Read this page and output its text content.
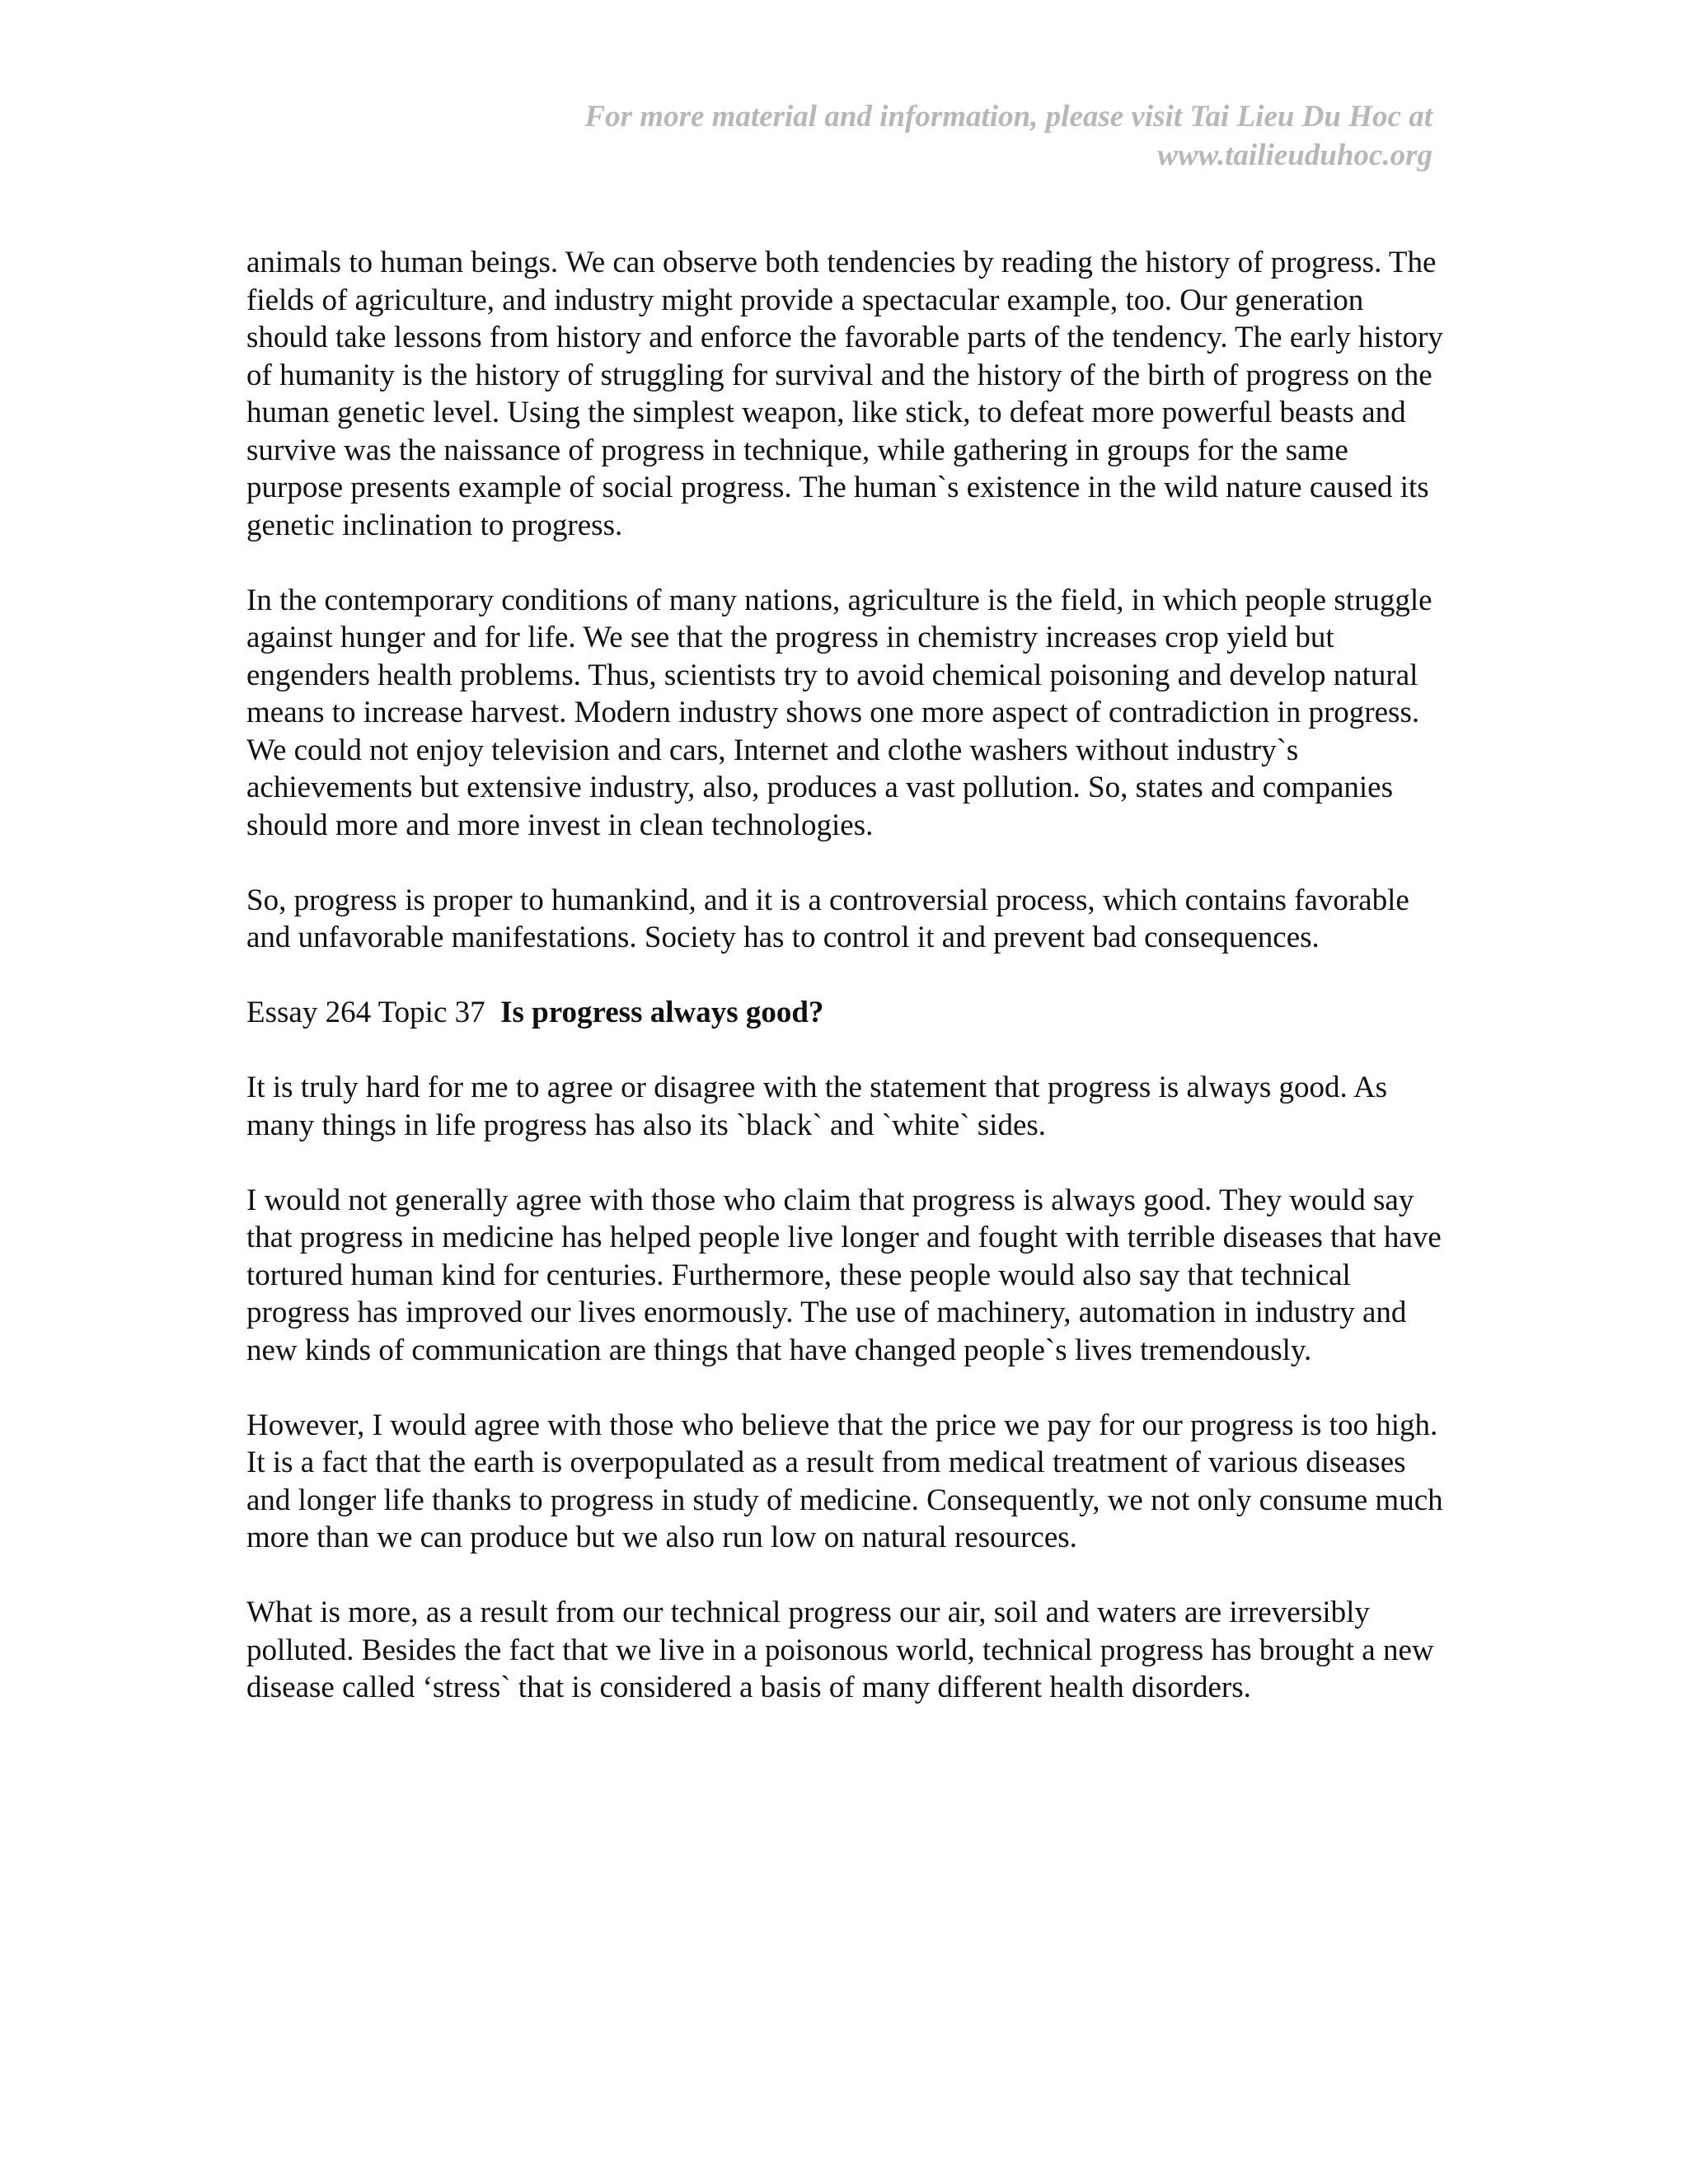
For more material and information, please visit Tai Lieu Du Hoc at
www.tailieuduhoc.org

animals to human beings. We can observe both tendencies by reading the history of progress. The fields of agriculture, and industry might provide a spectacular example, too. Our generation should take lessons from history and enforce the favorable parts of the tendency. The early history of humanity is the history of struggling for survival and the history of the birth of progress on the human genetic level. Using the simplest weapon, like stick, to defeat more powerful beasts and survive was the naissance of progress in technique, while gathering in groups for the same purpose presents example of social progress. The human`s existence in the wild nature caused its genetic inclination to progress.

In the contemporary conditions of many nations, agriculture is the field, in which people struggle against hunger and for life. We see that the progress in chemistry increases crop yield but engenders health problems. Thus, scientists try to avoid chemical poisoning and develop natural means to increase harvest. Modern industry shows one more aspect of contradiction in progress. We could not enjoy television and cars, Internet and clothe washers without industry`s achievements but extensive industry, also, produces a vast pollution. So, states and companies should more and more invest in clean technologies.

So, progress is proper to humankind, and it is a controversial process, which contains favorable and unfavorable manifestations. Society has to control it and prevent bad consequences.

Essay 264 Topic 37 Is progress always good?

It is truly hard for me to agree or disagree with the statement that progress is always good. As many things in life progress has also its `black` and `white` sides.

I would not generally agree with those who claim that progress is always good. They would say that progress in medicine has helped people live longer and fought with terrible diseases that have tortured human kind for centuries. Furthermore, these people would also say that technical progress has improved our lives enormously. The use of machinery, automation in industry and new kinds of communication are things that have changed people`s lives tremendously.

However, I would agree with those who believe that the price we pay for our progress is too high. It is a fact that the earth is overpopulated as a result from medical treatment of various diseases and longer life thanks to progress in study of medicine. Consequently, we not only consume much more than we can produce but we also run low on natural resources.

What is more, as a result from our technical progress our air, soil and waters are irreversibly polluted. Besides the fact that we live in a poisonous world, technical progress has brought a new disease called ‘stress` that is considered a basis of many different health disorders.
